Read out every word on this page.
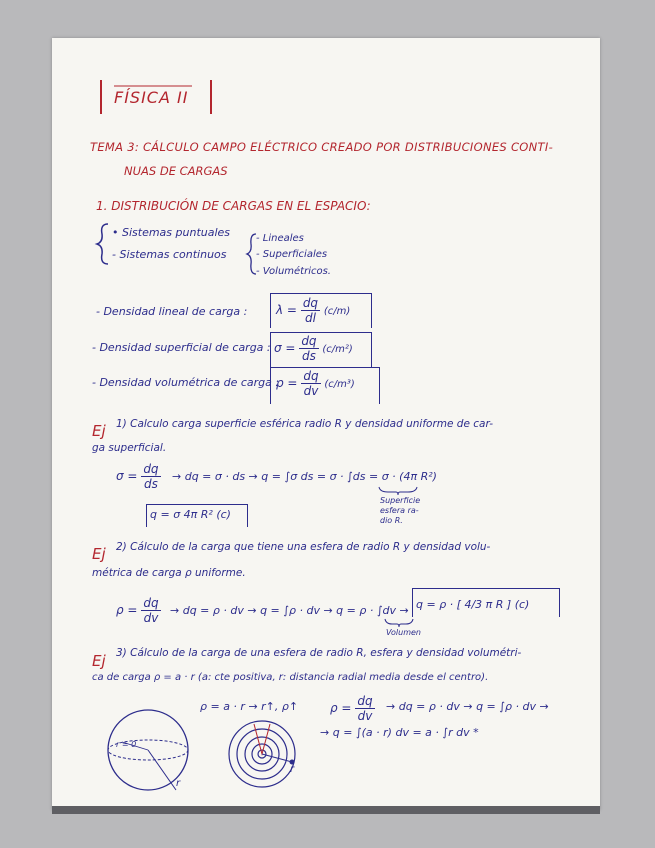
FÍSICA II
TEMA 3: CÁLCULO CAMPO ELÉCTRICO CREADO POR DISTRIBUCIONES CONTI-
NUAS DE CARGAS
1. DISTRIBUCIÓN DE CARGAS EN EL ESPACIO:
• Sistemas puntuales
- Sistemas continuos
- Lineales
- Superficiales
- Volumétricos.
- Densidad lineal de carga : $\lambda = \frac{dq}{dl} (c/m)$
- Densidad superficial de carga : $\sigma = \frac{dq}{ds} (c/m^2)$
- Densidad volumétrica de carga :
$\rho = \frac{dq}{dv} (c/m^3)$
Ej 1) Calculo carga superficie esférica radio R y densidad uniforme de car-
ga superficial.
$\sigma = \frac{dq}{ds}$ → dq = σ · ds → q = ∫σ ds = σ · ∫ds = σ · (4π R²)
Superficie
esfera ra-
dio R.
q = σ 4π R² (c)
Ej 2) Cálculo de la carga que tiene una esfera de radio R y densidad volu-
métrica de carga ρ uniforme.
$\rho = \frac{dq}{dv}$ → dq = ρ · dv → q = ∫ρ · dv → q = ρ · ∫dv → q = ρ · [ 4/3 π R ] (c)
Volumen
Ej 3) Cálculo de la carga de una esfera de radio R, esfera y densidad volumétri-
ca de carga ρ = a · r (a: cte positiva, r: distancia radial media desde el centro).
ρ = a · r → r↑, ρ↑	$\rho = \frac{dq}{dv}$ → dq = ρ · dv → q = ∫ρ · dv →
→ q = ∫(a · r) dv = a · ∫r dv *
r = 0
r
r
